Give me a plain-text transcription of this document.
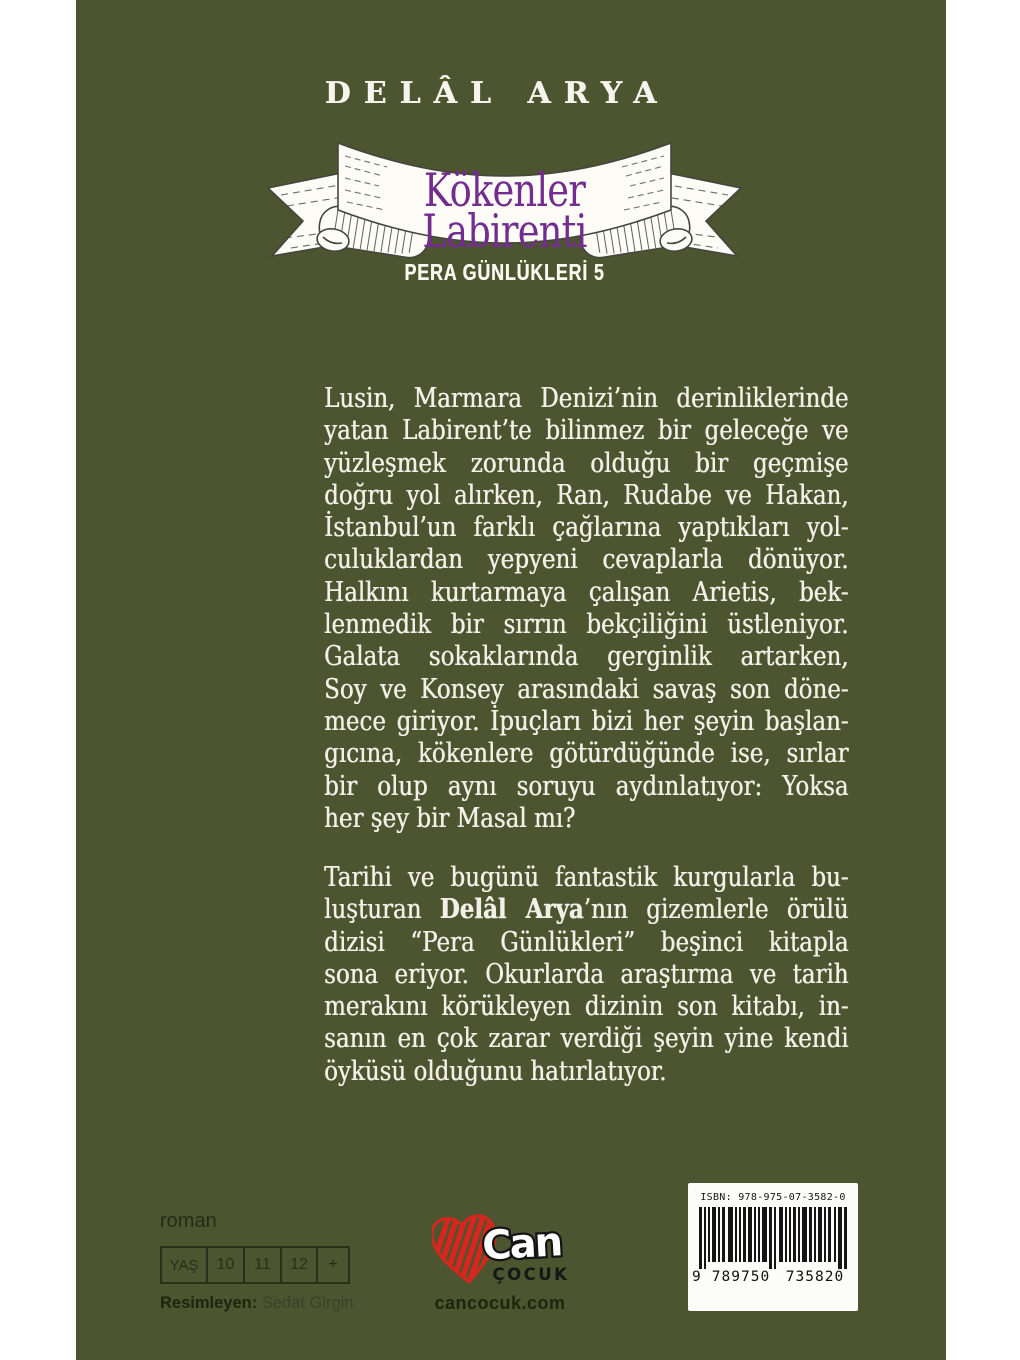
DELÂL ARYA
Kökenler
Labirenti
PERA GÜNLÜKLERİ 5
Lusin, Marmara Denizi’nin derinliklerinde
yatan Labirent’te bilinmez bir geleceğe ve
yüzleşmek zorunda olduğu bir geçmişe
doğru yol alırken, Ran, Rudabe ve Hakan,
İstanbul’un farklı çağlarına yaptıkları yol-
culuklardan yepyeni cevaplarla dönüyor.
Halkını kurtarmaya çalışan Arietis, bek-
lenmedik bir sırrın bekçiliğini üstleniyor.
Galata sokaklarında gerginlik artarken,
Soy ve Konsey arasındaki savaş son döne-
mece giriyor. İpuçları bizi her şeyin başlan-
gıcına, kökenlere götürdüğünde ise, sırlar
bir olup aynı soruyu aydınlatıyor: Yoksa
her şey bir Masal mı?
Tarihi ve bugünü fantastik kurgularla bu-
luşturan Delâl Arya’nın gizemlerle örülü
dizisi “Pera Günlükleri” beşinci kitapla
sona eriyor. Okurlarda araştırma ve tarih
merakını körükleyen dizinin son kitabı, in-
sanın en çok zarar verdiği şeyin yine kendi
öyküsü olduğunu hatırlatıyor.
roman
YAŞ	10	11	12	+
Resimleyen: Sedat Girgin
Can
ÇOCUK
cancocuk.com
ISBN: 978-975-07-3582-0
9 789750	735820
